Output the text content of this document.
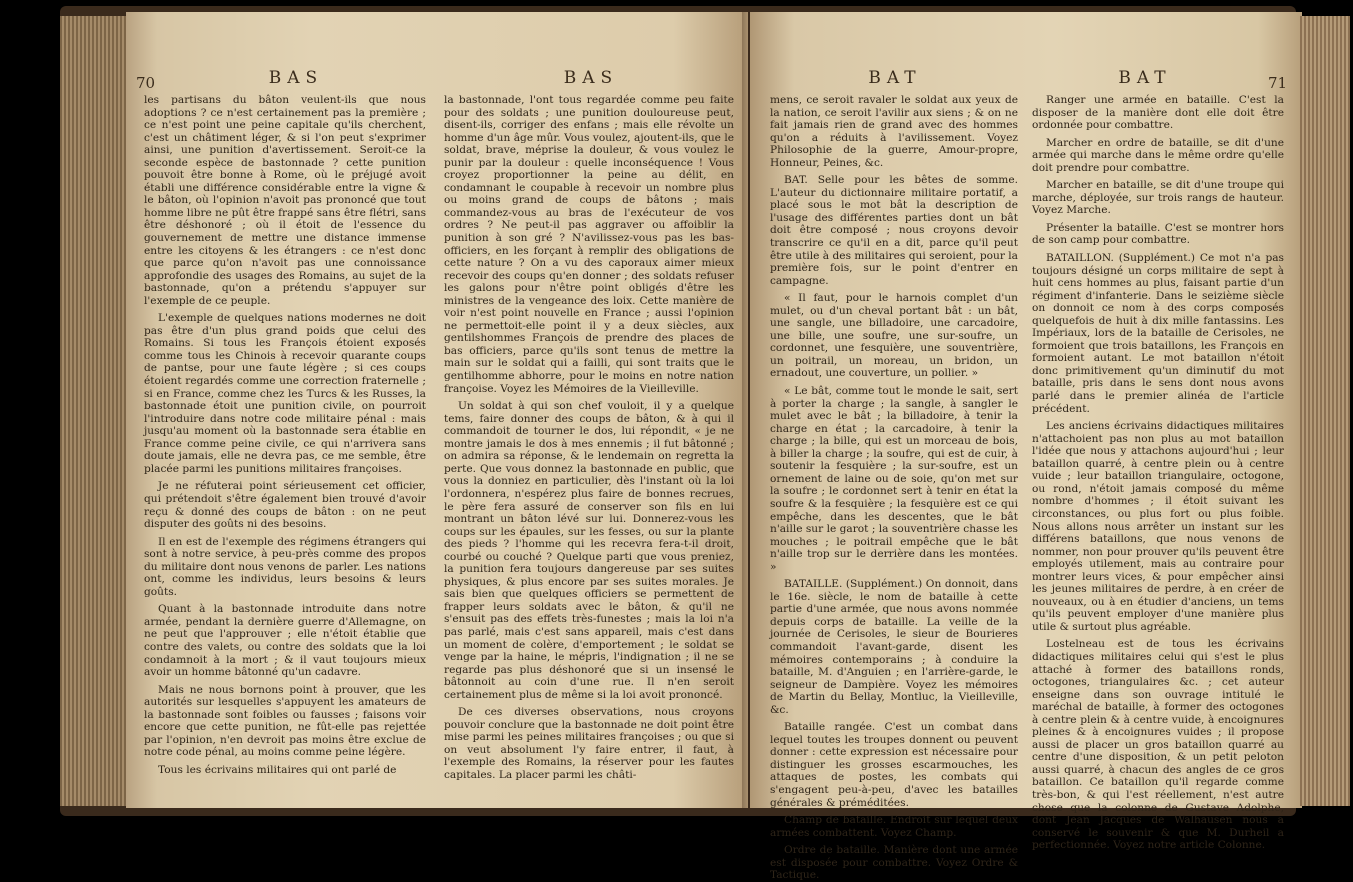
70	BAS	BAS

les partisans du bâton veulent-ils que nous adoptions ? ce n'est certainement pas la première ; ce n'est point une peine capitale qu'ils cherchent, c'est un châtiment léger, & si l'on peut s'exprimer ainsi, une punition d'avertissement. Seroit-ce la seconde espèce de bastonnade ? cette punition pouvoit être bonne à Rome, où le préjugé avoit établi une différence considérable entre la vigne & le bâton, où l'opinion n'avoit pas prononcé que tout homme libre ne pût être frappé sans être flétri, sans être déshonoré ; où il étoit de l'essence du gouvernement de mettre une distance immense entre les citoyens & les étrangers : ce n'est donc que parce qu'on n'avoit pas une connoissance approfondie des usages des Romains, au sujet de la bastonnade, qu'on a prétendu s'appuyer sur l'exemple de ce peuple.

L'exemple de quelques nations modernes ne doit pas être d'un plus grand poids que celui des Romains. Si tous les François étoient exposés comme tous les Chinois à recevoir quarante coups de pantse, pour une faute légère ; si ces coups étoient regardés comme une correction fraternelle ; si en France, comme chez les Turcs & les Russes, la bastonnade étoit une punition civile, on pourroit l'introduire dans notre code militaire pénal : mais jusqu'au moment où la bastonnade sera établie en France comme peine civile, ce qui n'arrivera sans doute jamais, elle ne devra pas, ce me semble, être placée parmi les punitions militaires françoises.

Je ne réfuterai point sérieusement cet officier, qui prétendoit s'être également bien trouvé d'avoir reçu & donné des coups de bâton : on ne peut disputer des goûts ni des besoins.

Il en est de l'exemple des régimens étrangers qui sont à notre service, à peu-près comme des propos du militaire dont nous venons de parler. Les nations ont, comme les individus, leurs besoins & leurs goûts.

Quant à la bastonnade introduite dans notre armée, pendant la dernière guerre d'Allemagne, on ne peut que l'approuver ; elle n'étoit établie que contre des valets, ou contre des soldats que la loi condamnoit à la mort ; & il vaut toujours mieux avoir un homme bâtonné qu'un cadavre.

Mais ne nous bornons point à prouver, que les autorités sur lesquelles s'appuyent les amateurs de la bastonnade sont foibles ou fausses ; faisons voir encore que cette punition, ne fût-elle pas rejettée par l'opinion, n'en devroit pas moins être exclue de notre code pénal, au moins comme peine légère.

Tous les écrivains militaires qui ont parlé de

la bastonnade, l'ont tous regardée comme peu faite pour des soldats ; une punition douloureuse peut, disent-ils, corriger des enfans ; mais elle révolte un homme d'un âge mûr. Vous voulez, ajoutent-ils, que le soldat, brave, méprise la douleur, & vous voulez le punir par la douleur : quelle inconséquence ! Vous croyez proportionner la peine au délit, en condamnant le coupable à recevoir un nombre plus ou moins grand de coups de bâtons ; mais commandez-vous au bras de l'exécuteur de vos ordres ? Ne peut-il pas aggraver ou affoiblir la punition à son gré ? N'avilissez-vous pas les bas-officiers, en les forçant à remplir des obligations de cette nature ? On a vu des caporaux aimer mieux recevoir des coups qu'en donner ; des soldats refuser les galons pour n'être point obligés d'être les ministres de la vengeance des loix. Cette manière de voir n'est point nouvelle en France ; aussi l'opinion ne permettoit-elle point il y a deux siècles, aux gentilshommes François de prendre des places de bas officiers, parce qu'ils sont tenus de mettre la main sur le soldat qui a failli, qui sont traits que le gentilhomme abhorre, pour le moins en notre nation françoise. Voyez les Mémoires de la Vieilleville.

Un soldat à qui son chef vouloit, il y a quelque tems, faire donner des coups de bâton, & à qui il commandoit de tourner le dos, lui répondit, « je ne montre jamais le dos à mes ennemis ; il fut bâtonné ; on admira sa réponse, & le lendemain on regretta la perte. Que vous donnez la bastonnade en public, que vous la donniez en particulier, dès l'instant où la loi l'ordonnera, n'espérez plus faire de bonnes recrues, le père fera assuré de conserver son fils en lui montrant un bâton lévé sur lui. Donnerez-vous les coups sur les épaules, sur les fesses, ou sur la plante des pieds ? l'homme qui les recevra fera-t-il droit, courbé ou couché ? Quelque parti que vous preniez, la punition fera toujours dangereuse par ses suites physiques, & plus encore par ses suites morales. Je sais bien que quelques officiers se permettent de frapper leurs soldats avec le bâton, & qu'il ne s'ensuit pas des effets très-funestes ; mais la loi n'a pas parlé, mais c'est sans appareil, mais c'est dans un moment de colère, d'emportement ; le soldat se venge par la haine, le mépris, l'indignation ; il ne se regarde pas plus déshonoré que si un insensé le bâtonnoit au coin d'une rue. Il n'en seroit certainement plus de même si la loi avoit prononcé.

De ces diverses observations, nous croyons pouvoir conclure que la bastonnade ne doit point être mise parmi les peines militaires françoises ; ou que si on veut absolument l'y faire entrer, il faut, à l'exemple des Romains, la réserver pour les fautes capitales. La placer parmi les châti-

BAT	BAT	71

mens, ce seroit ravaler le soldat aux yeux de la nation, ce seroit l'avilir aux siens ; & on ne fait jamais rien de grand avec des hommes qu'on a réduits à l'avilissement. Voyez Philosophie de la guerre, Amour-propre, Honneur, Peines, &c.

BAT. Selle pour les bêtes de somme. L'auteur du dictionnaire militaire portatif, a placé sous le mot bât la description de l'usage des différentes parties dont un bât doit être composé ; nous croyons devoir transcrire ce qu'il en a dit, parce qu'il peut être utile à des militaires qui seroient, pour la première fois, sur le point d'entrer en campagne.

« Il faut, pour le harnois complet d'un mulet, ou d'un cheval portant bât : un bât, une sangle, une billadoire, une carcadoire, une bille, une soufre, une sur-soufre, un cordonnet, une fesquière, une souventrière, un poitrail, un moreau, un bridon, un ernadout, une couverture, un pollier. »

« Le bât, comme tout le monde le sait, sert à porter la charge ; la sangle, à sangler le mulet avec le bât ; la billadoire, à tenir la charge en état ; la carcadoire, à tenir la charge ; la bille, qui est un morceau de bois, à biller la charge ; la soufre, qui est de cuir, à soutenir la fesquière ; la sur-soufre, est un ornement de laine ou de soie, qu'on met sur la soufre ; le cordonnet sert à tenir en état la soufre & la fesquière ; la fesquière est ce qui empêche, dans les descentes, que le bât n'aille sur le garot ; la souventrière chasse les mouches ; le poitrail empêche que le bât n'aille trop sur le derrière dans les montées. »

BATAILLE. (Supplément.) On donnoit, dans le 16e. siècle, le nom de bataille à cette partie d'une armée, que nous avons nommée depuis corps de bataille. La veille de la journée de Cerisoles, le sieur de Bourieres commandoit l'avant-garde, disent les mémoires contemporains ; à conduire la bataille, M. d'Anguien ; en l'arrière-garde, le seigneur de Dampière. Voyez les mémoires de Martin du Bellay, Montluc, la Vieilleville, &c.

Bataille rangée. C'est un combat dans lequel toutes les troupes donnent ou peuvent donner : cette expression est nécessaire pour distinguer les grosses escarmouches, les attaques de postes, les combats qui s'engagent peu-à-peu, d'avec les batailles générales & préméditées.

Champ de bataille. Endroit sur lequel deux armées combattent. Voyez Champ.

Ordre de bataille. Manière dont une armée est disposée pour combattre. Voyez Ordre & Tactique.

Ranger une armée en bataille. C'est la disposer de la manière dont elle doit être ordonnée pour combattre.

Marcher en ordre de bataille, se dit d'une armée qui marche dans le même ordre qu'elle doit prendre pour combattre.

Marcher en bataille, se dit d'une troupe qui marche, déployée, sur trois rangs de hauteur. Voyez Marche.

Présenter la bataille. C'est se montrer hors de son camp pour combattre.

BATAILLON. (Supplément.) Ce mot n'a pas toujours désigné un corps militaire de sept à huit cens hommes au plus, faisant partie d'un régiment d'infanterie. Dans le seizième siècle on donnoit ce nom à des corps composés quelquefois de huit à dix mille fantassins. Les Impériaux, lors de la bataille de Cerisoles, ne formoient que trois bataillons, les François en formoient autant. Le mot bataillon n'étoit donc primitivement qu'un diminutif du mot bataille, pris dans le sens dont nous avons parlé dans le premier alinéa de l'article précédent.

Les anciens écrivains didactiques militaires n'attachoient pas non plus au mot bataillon l'idée que nous y attachons aujourd'hui ; leur bataillon quarré, à centre plein ou à centre vuide ; leur bataillon triangulaire, octogone, ou rond, n'étoit jamais composé du même nombre d'hommes ; il étoit suivant les circonstances, ou plus fort ou plus foible. Nous allons nous arrêter un instant sur les différens bataillons, que nous venons de nommer, non pour prouver qu'ils peuvent être employés utilement, mais au contraire pour montrer leurs vices, & pour empêcher ainsi les jeunes militaires de perdre, à en créer de nouveaux, ou à en étudier d'anciens, un tems qu'ils peuvent employer d'une manière plus utile & surtout plus agréable.

Lostelneau est de tous les écrivains didactiques militaires celui qui s'est le plus attaché à former des bataillons ronds, octogones, triangulaires &c. ; cet auteur enseigne dans son ouvrage intitulé le maréchal de bataille, à former des octogones à centre plein & à centre vuide, à encoignures pleines & à encoignures vuides ; il propose aussi de placer un gros bataillon quarré au centre d'une disposition, & un petit peloton aussi quarré, à chacun des angles de ce gros bataillon. Ce bataillon qu'il regarde comme très-bon, & qui l'est réellement, n'est autre chose que la colonne de Gustave Adolphe, dont Jean Jacques de Walhausen nous a conservé le souvenir & que M. Durheil a perfectionnée. Voyez notre article Colonne.
